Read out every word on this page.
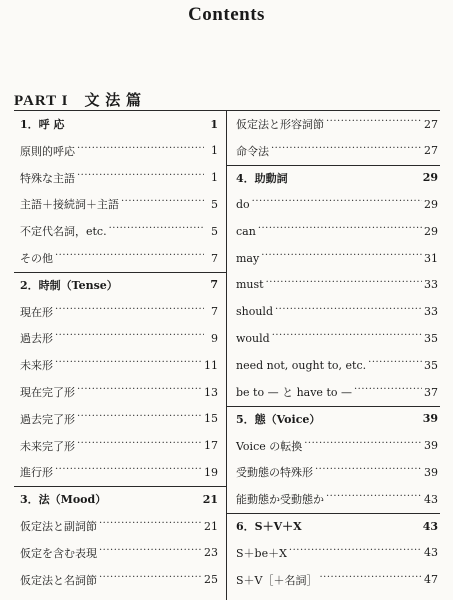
Contents
PART I　文 法 篇
1．呼 応	1
原則的呼応 ·····	1
特殊な主語 ·····	1
主語＋接続詞＋主語 ·····	5
不定代名詞，etc. ·····	5
その他 ·····	7
2．時制（Tense）	7
現在形 ·····	7
過去形 ·····	9
未来形 ·····	11
現在完了形 ·····	13
過去完了形 ·····	15
未来完了形 ·····	17
進行形 ·····	19
3．法（Mood）	21
仮定法と副詞節 ·····	21
仮定を含む表現 ·····	23
仮定法と名詞節 ·····	25
仮定法と形容詞節 ·····	27
命令法 ·····	27
4．助動詞	29
do ·····	29
can ·····	29
may ·····	31
must ·····	33
should ·····	33
would ·····	35
need not, ought to, etc. ·····	35
be to — と have to — ·····	37
5．態（Voice）	39
Voice の転換 ·····	39
受動態の特殊形 ·····	39
能動態か受動態か ·····	43
6．S＋V＋X	43
S＋be＋X ·····	43
S＋V［＋名詞］ ·····	47
